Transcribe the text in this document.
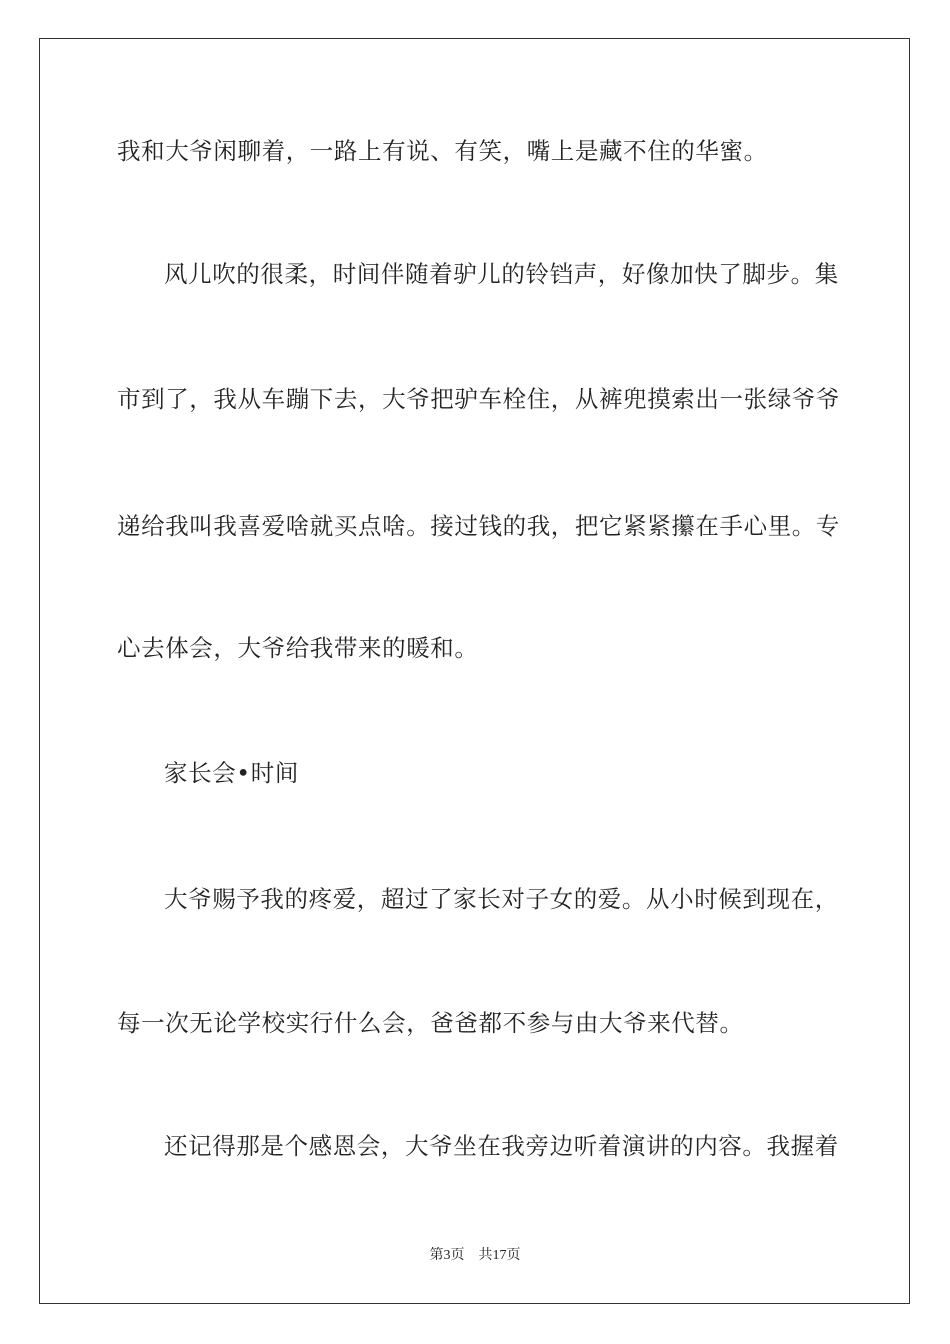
我和大爷闲聊着，一路上有说、有笑，嘴上是藏不住的华蜜。
风儿吹的很柔，时间伴随着驴儿的铃铛声，好像加快了脚步。集
市到了，我从车蹦下去，大爷把驴车栓住，从裤兜摸索出一张绿爷爷
递给我叫我喜爱啥就买点啥。接过钱的我，把它紧紧攥在手心里。专
心去体会，大爷给我带来的暖和。
家长会•时间
大爷赐予我的疼爱，超过了家长对子女的爱。从小时候到现在，
每一次无论学校实行什么会，爸爸都不参与由大爷来代替。
还记得那是个感恩会，大爷坐在我旁边听着演讲的内容。我握着
第3页 共17页
